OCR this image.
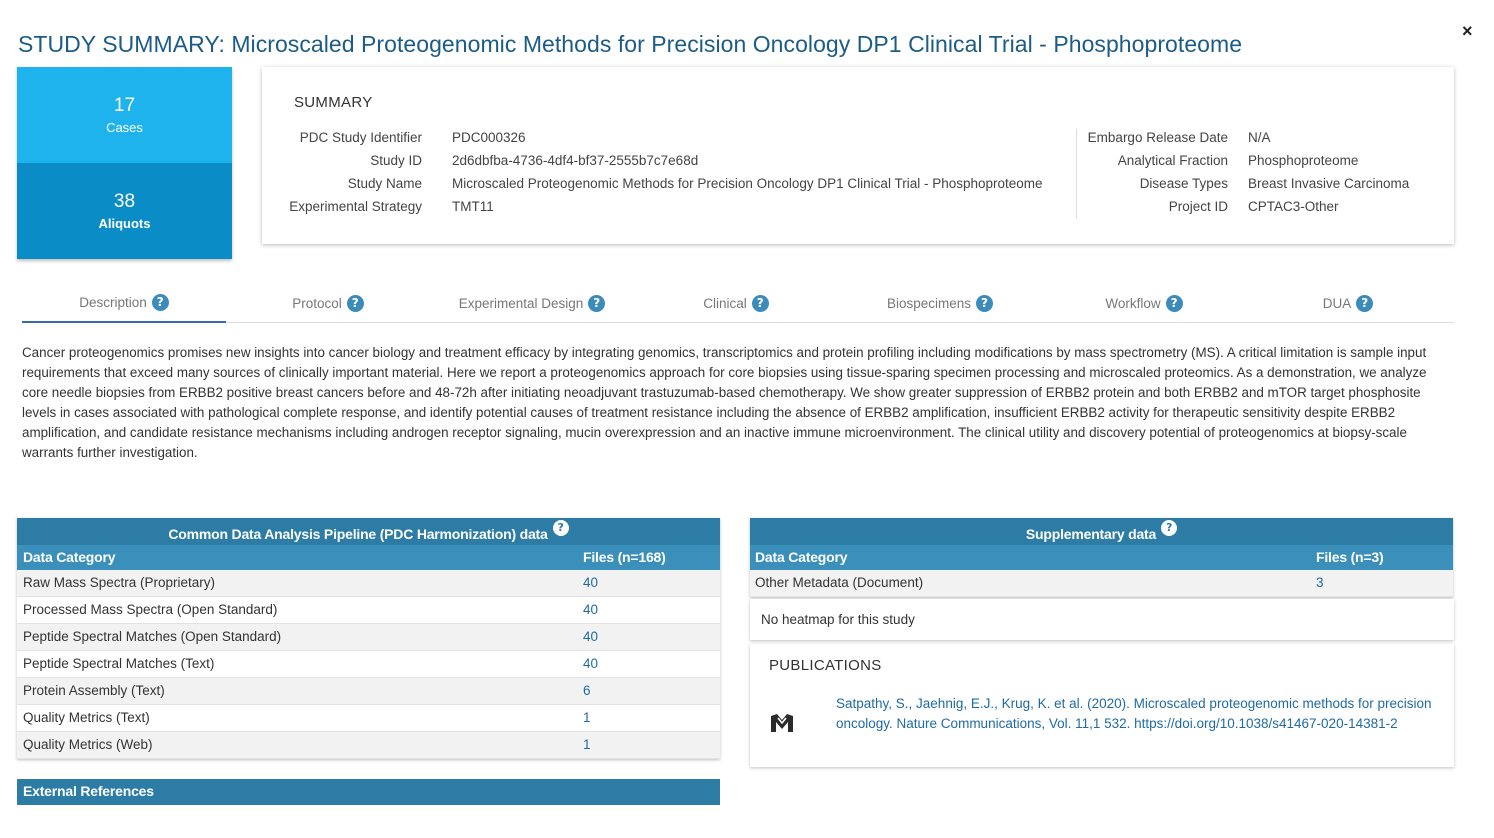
×
STUDY SUMMARY: Microscaled Proteogenomic Methods for Precision Oncology DP1 Clinical Trial - Phosphoproteome
17
Cases
38
Aliquots
SUMMARY
PDC Study Identifier PDC000326
Study ID 2d6dbfba-4736-4df4-bf37-2555b7c7e68d
Study Name Microscaled Proteogenomic Methods for Precision Oncology DP1 Clinical Trial - Phosphoproteome
Experimental Strategy TMT11
Embargo Release Date N/A
Analytical Fraction Phosphoproteome
Disease Types Breast Invasive Carcinoma
Project ID CPTAC3-Other
Description ?	Protocol ?	Experimental Design ?	Clinical ?	Biospecimens ?	Workflow ?	DUA ?
Cancer proteogenomics promises new insights into cancer biology and treatment efficacy by integrating genomics, transcriptomics and protein profiling including modifications by mass spectrometry (MS). A critical limitation is sample input requirements that exceed many sources of clinically important material. Here we report a proteogenomics approach for core biopsies using tissue-sparing specimen processing and microscaled proteomics. As a demonstration, we analyze core needle biopsies from ERBB2 positive breast cancers before and 48-72h after initiating neoadjuvant trastuzumab-based chemotherapy. We show greater suppression of ERBB2 protein and both ERBB2 and mTOR target phosphosite levels in cases associated with pathological complete response, and identify potential causes of treatment resistance including the absence of ERBB2 amplification, insufficient ERBB2 activity for therapeutic sensitivity despite ERBB2 amplification, and candidate resistance mechanisms including androgen receptor signaling, mucin overexpression and an inactive immune microenvironment. The clinical utility and discovery potential of proteogenomics at biopsy-scale warrants further investigation.
Common Data Analysis Pipeline (PDC Harmonization) data ?
Data Category	Files (n=168)
Raw Mass Spectra (Proprietary)	40
Processed Mass Spectra (Open Standard)	40
Peptide Spectral Matches (Open Standard)	40
Peptide Spectral Matches (Text)	40
Protein Assembly (Text)	6
Quality Metrics (Text)	1
Quality Metrics (Web)	1
Supplementary data ?
Data Category	Files (n=3)
Other Metadata (Document)	3
No heatmap for this study
PUBLICATIONS
Satpathy, S., Jaehnig, E.J., Krug, K. et al. (2020). Microscaled proteogenomic methods for precision oncology. Nature Communications, Vol. 11,1 532. https://doi.org/10.1038/s41467-020-14381-2
External References
